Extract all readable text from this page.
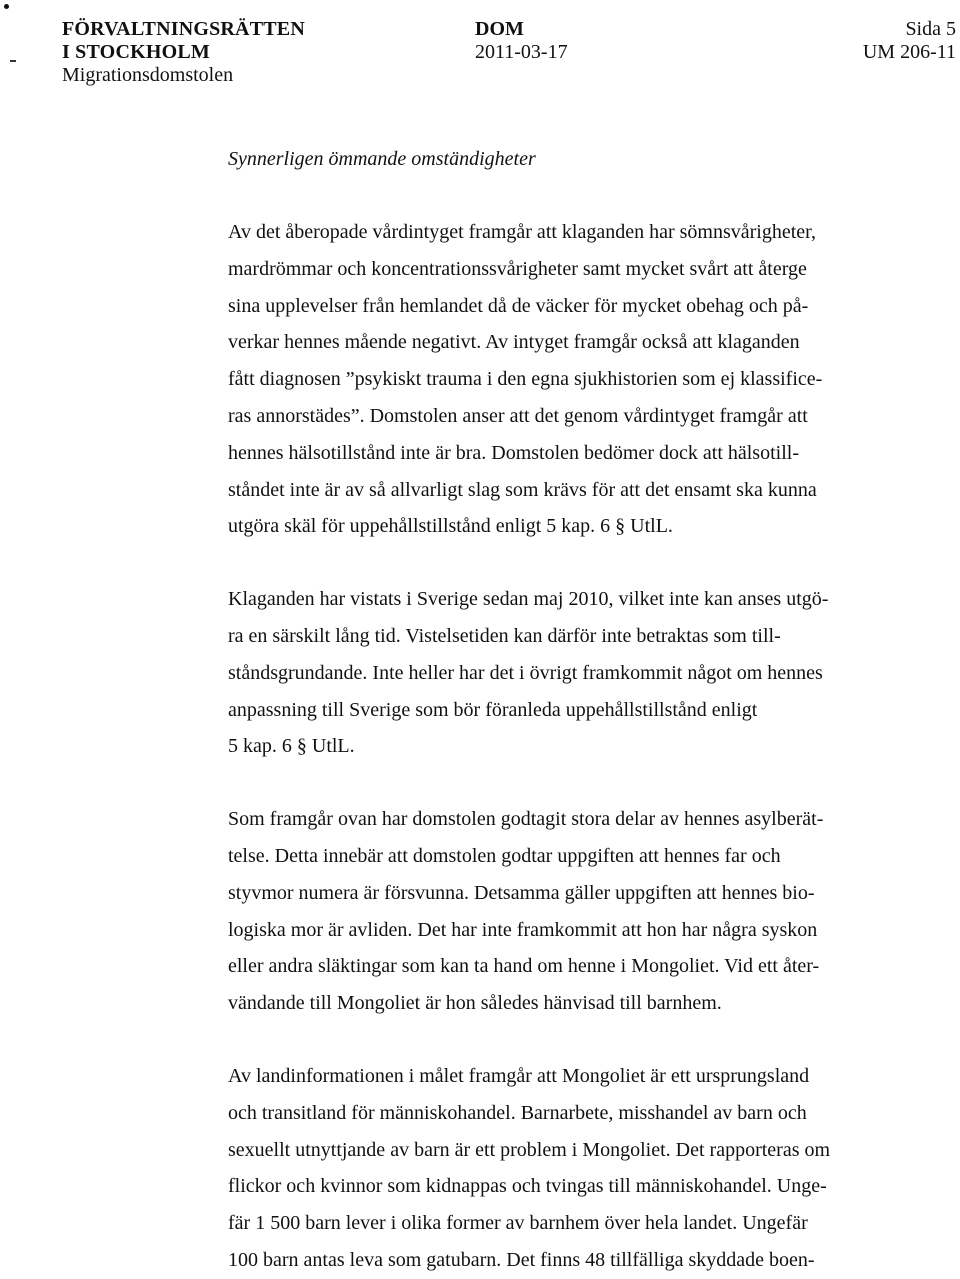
FÖRVALTNINGSRÄTTEN
I STOCKHOLM
Migrationsdomstolen
DOM
2011-03-17
Sida 5
UM 206-11
Synnerligen ömmande omständigheter

Av det åberopade vårdintyget framgår att klaganden har sömnsvårigheter,
mardrömmar och koncentrationssvårigheter samt mycket svårt att återge
sina upplevelser från hemlandet då de väcker för mycket obehag och på-
verkar hennes mående negativt. Av intyget framgår också att klaganden
fått diagnosen ”psykiskt trauma i den egna sjukhistorien som ej klassifice-
ras annorstädes”. Domstolen anser att det genom vårdintyget framgår att
hennes hälsotillstånd inte är bra. Domstolen bedömer dock att hälsotill-
ståndet inte är av så allvarligt slag som krävs för att det ensamt ska kunna
utgöra skäl för uppehållstillstånd enligt 5 kap. 6 § UtlL.

Klaganden har vistats i Sverige sedan maj 2010, vilket inte kan anses utgö-
ra en särskilt lång tid. Vistelsetiden kan därför inte betraktas som till-
ståndsgrundande. Inte heller har det i övrigt framkommit något om hennes
anpassning till Sverige som bör föranleda uppehållstillstånd enligt
5 kap. 6 § UtlL.

Som framgår ovan har domstolen godtagit stora delar av hennes asylberät-
telse. Detta innebär att domstolen godtar uppgiften att hennes far och
styvmor numera är försvunna. Detsamma gäller uppgiften att hennes bio-
logiska mor är avliden. Det har inte framkommit att hon har några syskon
eller andra släktingar som kan ta hand om henne i Mongoliet. Vid ett åter-
vändande till Mongoliet är hon således hänvisad till barnhem.

Av landinformationen i målet framgår att Mongoliet är ett ursprungsland
och transitland för människohandel. Barnarbete, misshandel av barn och
sexuellt utnyttjande av barn är ett problem i Mongoliet. Det rapporteras om
flickor och kvinnor som kidnappas och tvingas till människohandel. Unge-
fär 1 500 barn lever i olika former av barnhem över hela landet. Ungefär
100 barn antas leva som gatubarn. Det finns 48 tillfälliga skyddade boen-
